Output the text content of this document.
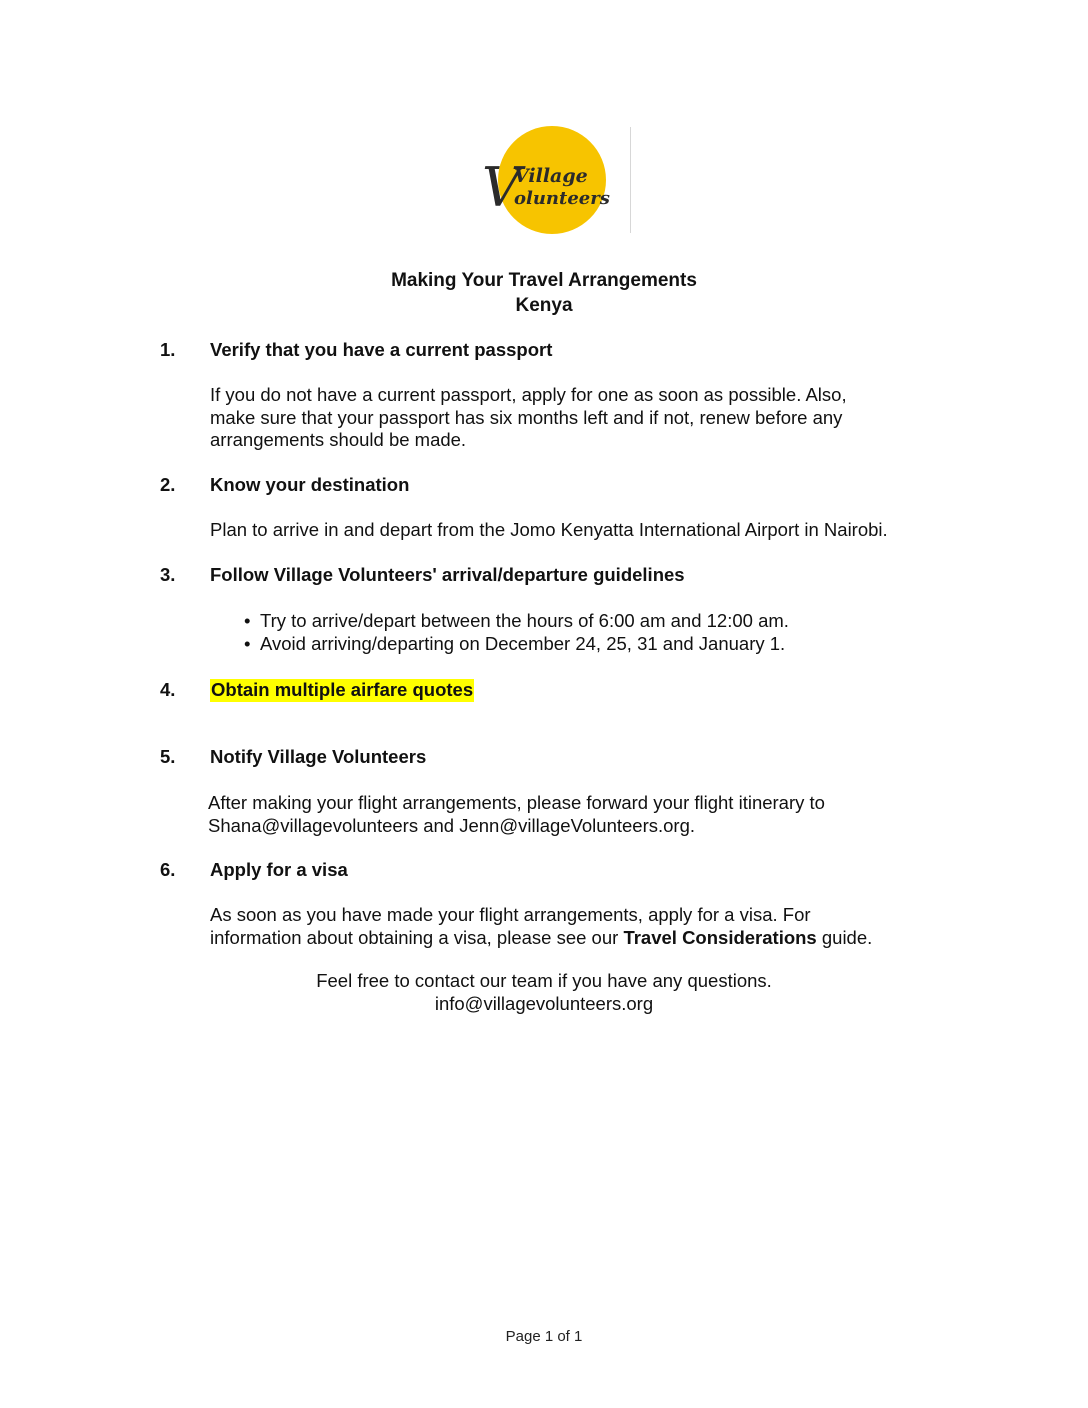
V
Village
olunteers
Making Your Travel Arrangements
Kenya
1. Verify that you have a current passport

If you do not have a current passport, apply for one as soon as possible. Also,

make sure that your passport has six months left and if not, renew before any

arrangements should be made.

2. Know your destination

Plan to arrive in and depart from the Jomo Kenyatta International Airport in Nairobi.

3. Follow Village Volunteers' arrival/departure guidelines
• Try to arrive/depart between the hours of 6:00 am and 12:00 am.
• Avoid arriving/departing on December 24, 25, 31 and January 1.
4. Obtain multiple airfare quotes
5. Notify Village Volunteers

After making your flight arrangements, please forward your flight itinerary to

Shana@villagevolunteers and Jenn@villageVolunteers.org.

6. Apply for a visa

As soon as you have made your flight arrangements, apply for a visa. For

information about obtaining a visa, please see our Travel Considerations guide.

Feel free to contact our team if you have any questions.
info@villagevolunteers.org
Page 1 of 1
